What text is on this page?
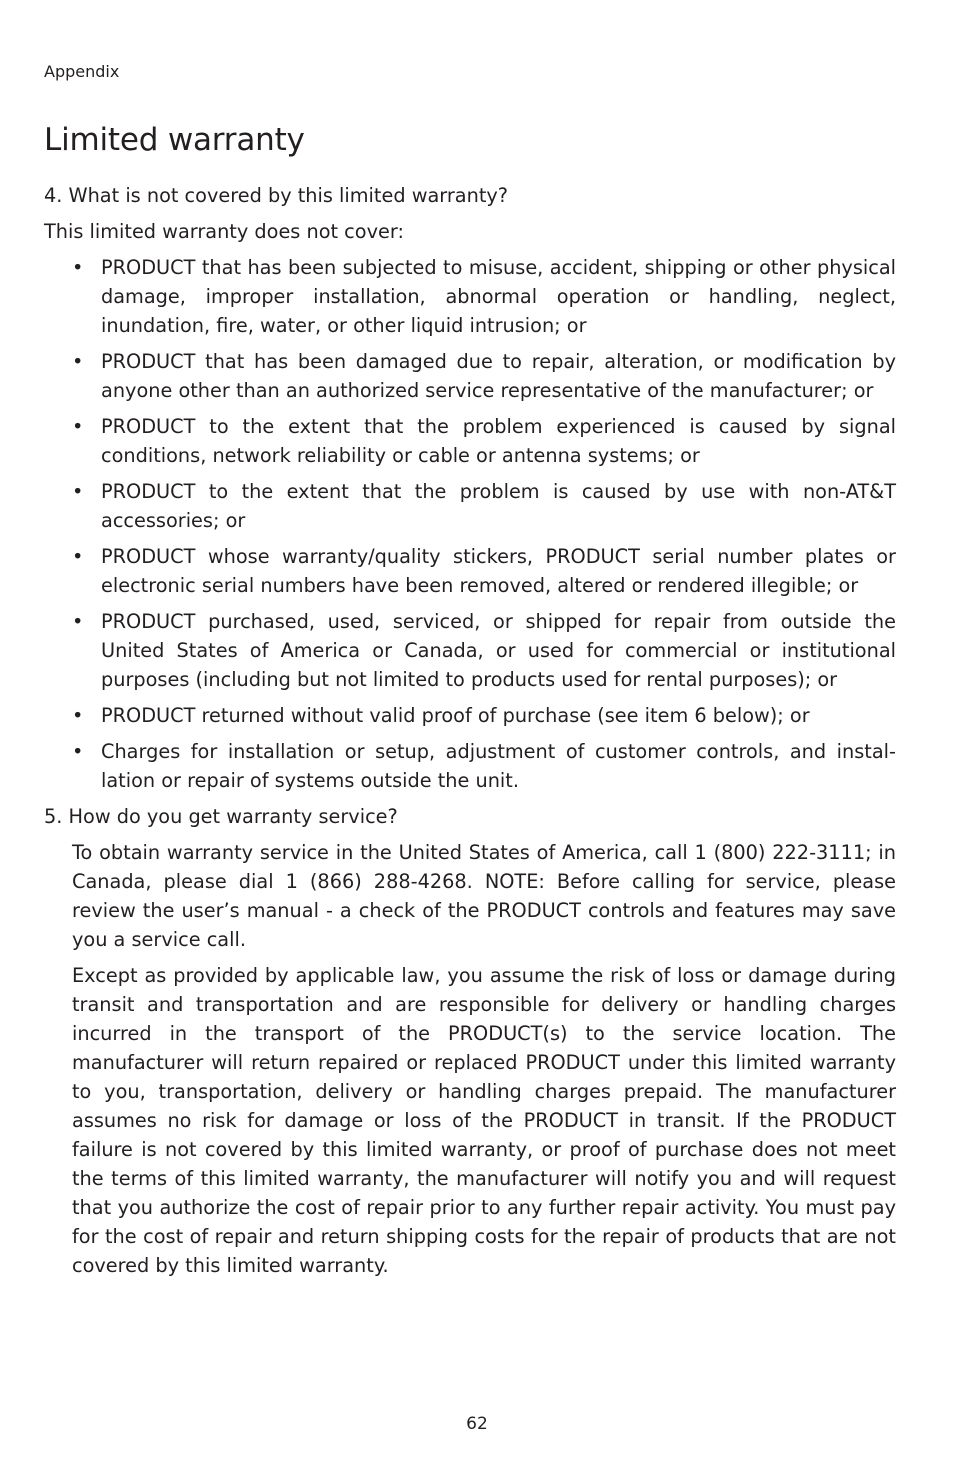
Appendix
Limited warranty

4. What is not covered by this limited warranty?

This limited warranty does not cover:

• PRODUCT that has been subjected to misuse, accident, shipping or other physical damage, improper installation, abnormal operation or handling, neglect, inundation, fire, water, or other liquid intrusion; or
• PRODUCT that has been damaged due to repair, alteration, or modification by anyone other than an authorized service representative of the manufacturer; or
• PRODUCT to the extent that the problem experienced is caused by signal conditions, network reliability or cable or antenna systems; or
• PRODUCT to the extent that the problem is caused by use with non-AT&T accessories; or
• PRODUCT whose warranty/quality stickers, PRODUCT serial number plates or electronic serial numbers have been removed, altered or rendered illegible; or
• PRODUCT purchased, used, serviced, or shipped for repair from outside the United States of America or Canada, or used for commercial or institutional purposes (including but not limited to products used for rental purposes); or
• PRODUCT returned without valid proof of purchase (see item 6 below); or
• Charges for installation or setup, adjustment of customer controls, and installation or repair of systems outside the unit.

5. How do you get warranty service?

To obtain warranty service in the United States of America, call 1 (800) 222-3111; in Canada, please dial 1 (866) 288-4268. NOTE: Before calling for service, please review the user’s manual - a check of the PRODUCT controls and features may save you a service call.

Except as provided by applicable law, you assume the risk of loss or damage during transit and transportation and are responsible for delivery or handling charges incurred in the transport of the PRODUCT(s) to the service location. The manufacturer will return repaired or replaced PRODUCT under this limited warranty to you, transportation, delivery or handling charges prepaid. The manufacturer assumes no risk for damage or loss of the PRODUCT in transit. If the PRODUCT failure is not covered by this limited warranty, or proof of purchase does not meet the terms of this limited warranty, the manufacturer will notify you and will request that you authorize the cost of repair prior to any further repair activity. You must pay for the cost of repair and return shipping costs for the repair of products that are not covered by this limited warranty.

62
